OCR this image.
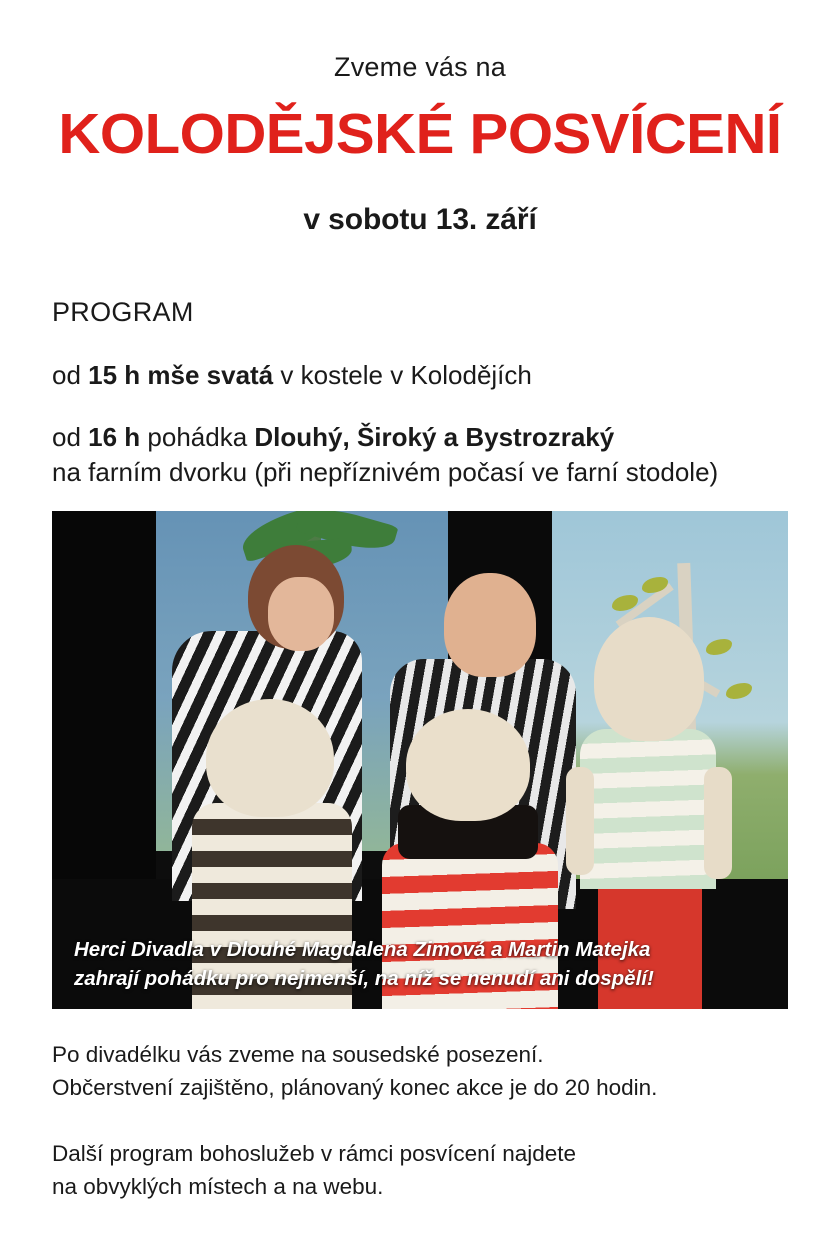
Zveme vás na
KOLODĚJSKÉ POSVÍCENÍ
v sobotu 13. září
PROGRAM
od 15 h mše svatá v kostele v Kolodějích
od 16 h pohádka Dlouhý, Široký a Bystrozraký
na farním dvorku (při nepříznivém počasí ve farní stodole)
Herci Divadla v Dlouhé Magdalena Zimová a Martin Matejka
zahrají pohádku pro nejmenší, na níž se nenudí ani dospělí!
Po divadélku vás zveme na sousedské posezení.
Občerstvení zajištěno, plánovaný konec akce je do 20 hodin.
Další program bohoslužeb v rámci posvícení najdete
na obvyklých místech a na webu.
